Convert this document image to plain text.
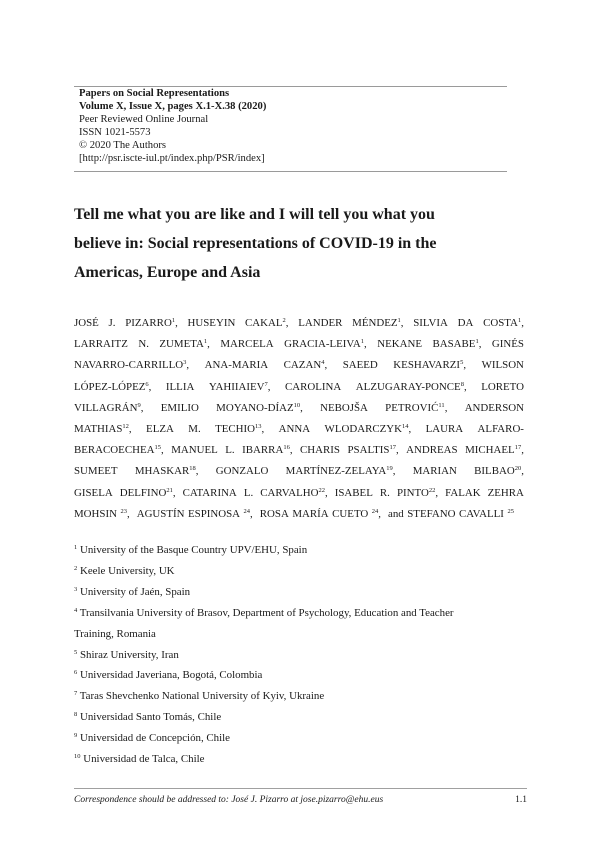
Papers on Social Representations
Volume X, Issue X, pages X.1-X.38 (2020)
Peer Reviewed Online Journal
ISSN 1021-5573
© 2020 The Authors
[http://psr.iscte-iul.pt/index.php/PSR/index]
Tell me what you are like and I will tell you what you
believe in: Social representations of COVID-19 in the
Americas, Europe and Asia
JOSÉ J. PIZARRO$^1$, HUSEYIN CAKAL$^2$, LANDER MÉNDEZ$^1$, SILVIA DA COSTA$^1$,
LARRAITZ N. ZUMETA$^1$, MARCELA GRACIA-LEIVA$^1$, NEKANE BASABE$^1$, GINÉS
NAVARRO-CARRILLO$^3$, ANA-MARIA CAZAN$^4$, SAEED KESHAVARZI$^5$, WILSON
LÓPEZ-LÓPEZ$^6$, ILLIA YAHIIAIEV$^7$, CAROLINA ALZUGARAY-PONCE$^8$, LORETO
VILLAGRÁN$^9$, EMILIO MOYANO-DÍAZ$^{10}$, NEBOJŠA PETROVIĆ$^{11}$, ANDERSON
MATHIAS$^{12}$, ELZA M. TECHIO$^{13}$, ANNA WLODARCZYK$^{14}$, LAURA ALFARO-
BERACOECHEA$^{15}$, MANUEL L. IBARRA$^{16}$, CHARIS PSALTIS$^{17}$, ANDREAS MICHAEL$^{17}$,
SUMEET MHASKAR$^{18}$, GONZALO MARTÍNEZ-ZELAYA$^{19}$, MARIAN BILBAO$^{20}$,
GISELA DELFINO$^{21}$, CATARINA L. CARVALHO$^{22}$, ISABEL R. PINTO$^{22}$, FALAK ZEHRA
MOHSIN $^{23}$, AGUSTÍN ESPINOSA $^{24}$, ROSA MARÍA CUETO $^{24}$, and STEFANO CAVALLI $^{25}$
$^1$ University of the Basque Country UPV/EHU, Spain
$^2$ Keele University, UK
$^3$ University of Jaén, Spain
$^4$ Transilvania University of Brasov, Department of Psychology, Education and Teacher
Training, Romania
$^5$ Shiraz University, Iran
$^6$ Universidad Javeriana, Bogotá, Colombia
$^7$ Taras Shevchenko National University of Kyiv, Ukraine
$^8$ Universidad Santo Tomás, Chile
$^9$ Universidad de Concepción, Chile
$^{10}$ Universidad de Talca, Chile
Correspondence should be addressed to: José J. Pizarro at jose.pizarro@ehu.eus	1.1
